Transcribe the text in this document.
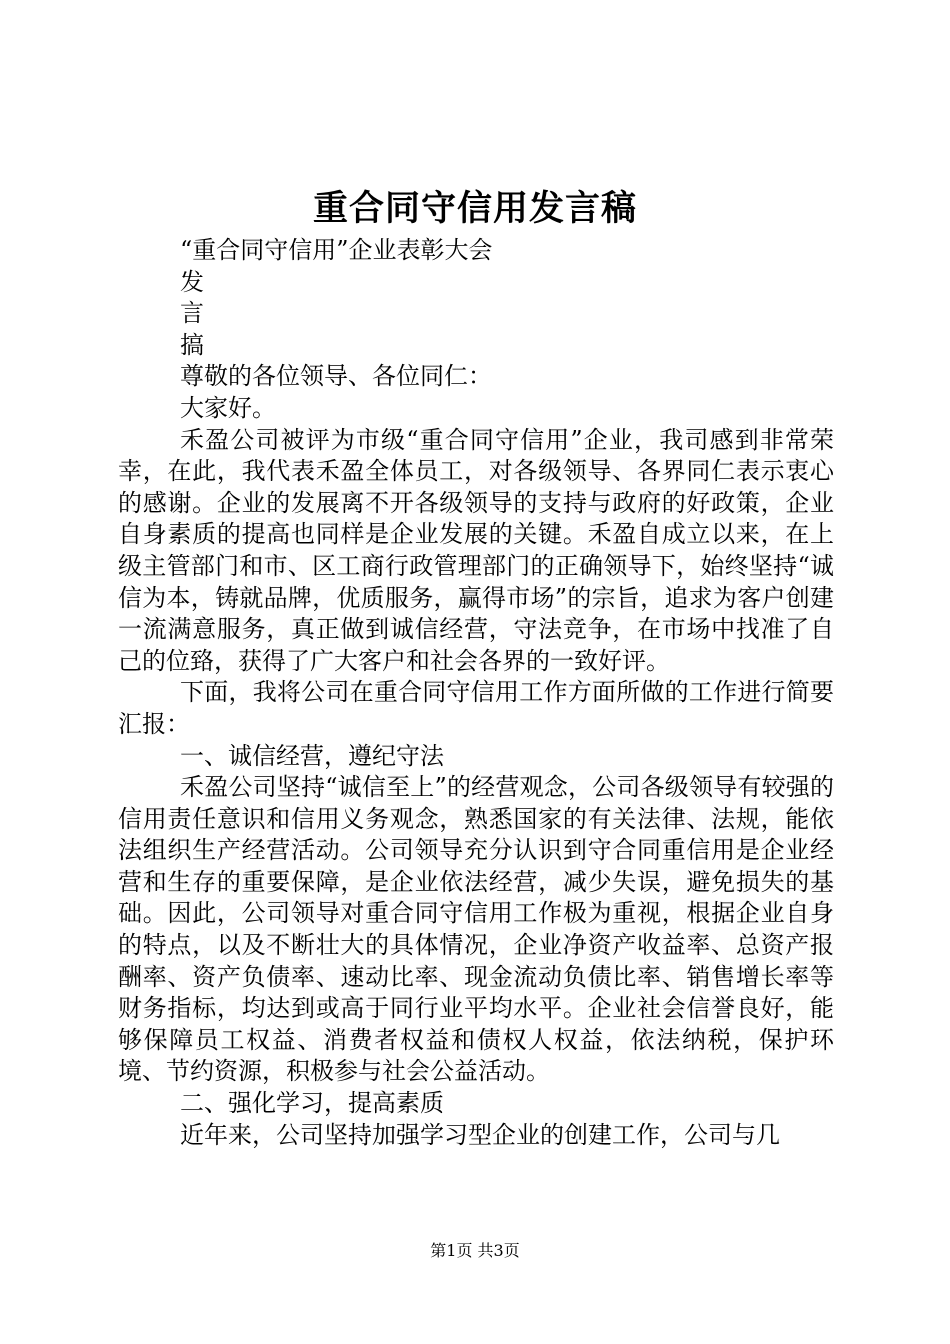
重合同守信用发言稿

“重合同守信用”企业表彰大会

发

言

搞

尊敬的各位领导、各位同仁：

大家好。

禾盈公司被评为市级“重合同守信用”企业，我司感到非常荣幸，在此，我代表禾盈全体员工，对各级领导、各界同仁表示衷心的感谢。企业的发展离不开各级领导的支持与政府的好政策，企业自身素质的提高也同样是企业发展的关键。禾盈自成立以来，在上级主管部门和市、区工商行政管理部门的正确领导下，始终坚持“诚信为本，铸就品牌，优质服务，赢得市场”的宗旨，追求为客户创建一流满意服务，真正做到诚信经营，守法竞争，在市场中找准了自己的位臵，获得了广大客户和社会各界的一致好评。

下面，我将公司在重合同守信用工作方面所做的工作进行简要汇报：

一、诚信经营，遵纪守法

禾盈公司坚持“诚信至上”的经营观念，公司各级领导有较强的信用责任意识和信用义务观念，熟悉国家的有关法律、法规，能依法组织生产经营活动。公司领导充分认识到守合同重信用是企业经营和生存的重要保障，是企业依法经营，减少失误，避免损失的基础。因此，公司领导对重合同守信用工作极为重视，根据企业自身的特点，以及不断壮大的具体情况，企业净资产收益率、总资产报酬率、资产负债率、速动比率、现金流动负债比率、销售增长率等财务指标，均达到或高于同行业平均水平。企业社会信誉良好，能够保障员工权益、消费者权益和债权人权益，依法纳税，保护环境、节约资源，积极参与社会公益活动。

二、强化学习，提高素质

近年来，公司坚持加强学习型企业的创建工作，公司与几

第1页 共3页
